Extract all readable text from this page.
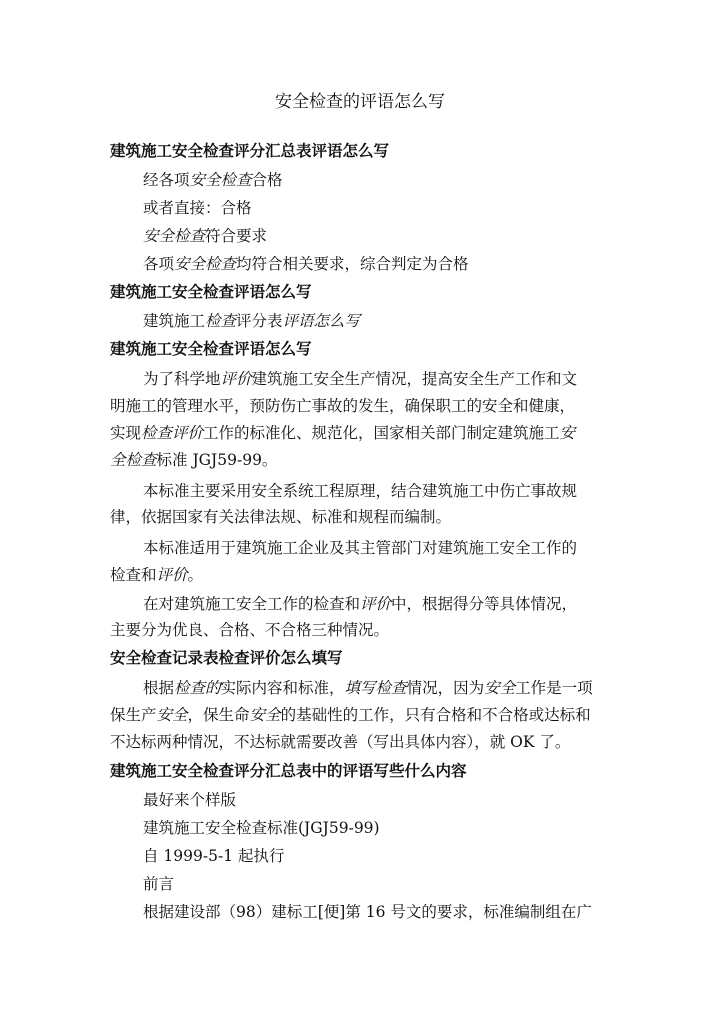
安全检查的评语怎么写
建筑施工安全检查评分汇总表评语怎么写
经各项安全检查合格
或者直接：合格
安全检查符合要求
各项安全检查均符合相关要求，综合判定为合格
建筑施工安全检查评语怎么写
建筑施工检查评分表评语怎么写
建筑施工安全检查评语怎么写
为了科学地评价建筑施工安全生产情况，提高安全生产工作和文
明施工的管理水平，预防伤亡事故的发生，确保职工的安全和健康，
实现检查评价工作的标准化、规范化，国家相关部门制定建筑施工安
全检查标准 JGJ59-99。
本标准主要采用安全系统工程原理，结合建筑施工中伤亡事故规
律，依据国家有关法律法规、标准和规程而编制。
本标准适用于建筑施工企业及其主管部门对建筑施工安全工作的
检查和评价。
在对建筑施工安全工作的检查和评价中，根据得分等具体情况，
主要分为优良、合格、不合格三种情况。
安全检查记录表检查评价怎么填写
根据检查的实际内容和标准，填写检查情况，因为安全工作是一项
保生产安全，保生命安全的基础性的工作，只有合格和不合格或达标和
不达标两种情况，不达标就需要改善（写出具体内容），就 OK 了。
建筑施工安全检查评分汇总表中的评语写些什么内容
最好来个样版
建筑施工安全检查标准(JGJ59-99)
自 1999-5-1 起执行
前言
根据建设部（98）建标工[便]第 16 号文的要求，标准编制组在广
